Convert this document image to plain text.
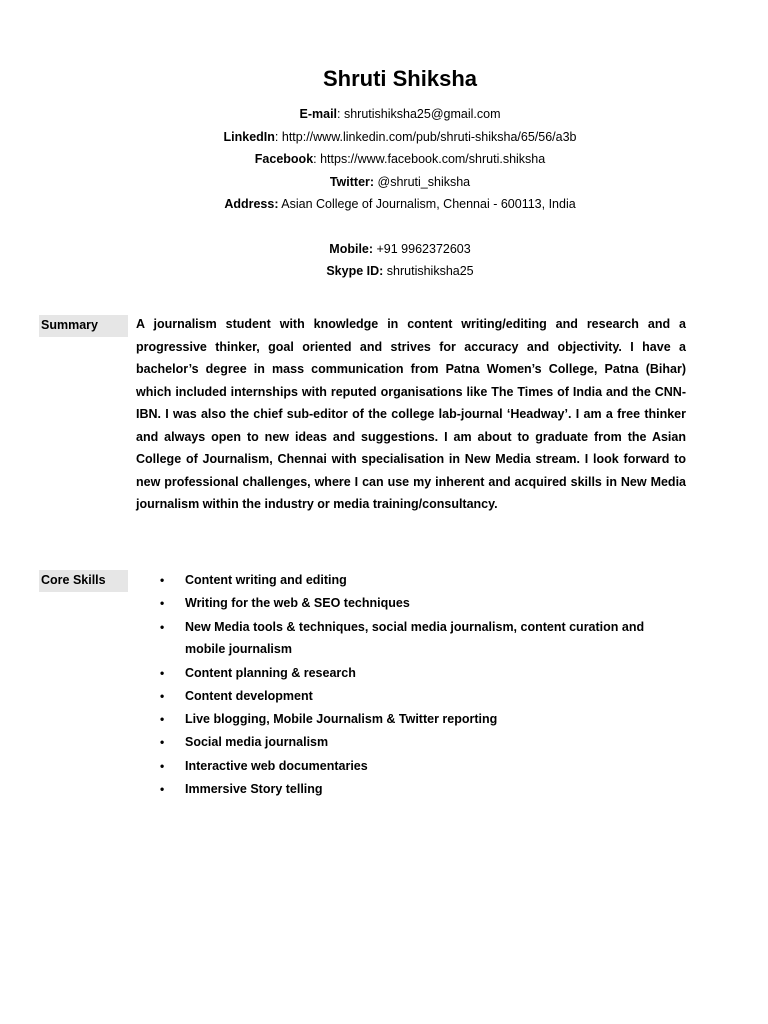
Shruti Shiksha
E-mail: shrutishiksha25@gmail.com
LinkedIn: http://www.linkedin.com/pub/shruti-shiksha/65/56/a3b
Facebook: https://www.facebook.com/shruti.shiksha
Twitter: @shruti_shiksha
Address: Asian College of Journalism, Chennai - 600113, India
Mobile: +91 9962372603
Skype ID: shrutishiksha25
Summary	A journalism student with knowledge in content writing/editing and research and a progressive thinker, goal oriented and strives for accuracy and objectivity. I have a bachelor’s degree in mass communication from Patna Women’s College, Patna (Bihar) which included internships with reputed organisations like The Times of India and the CNN-IBN. I was also the chief sub-editor of the college lab-journal ‘Headway’. I am a free thinker and always open to new ideas and suggestions. I am about to graduate from the Asian College of Journalism, Chennai with specialisation in New Media stream. I look forward to new professional challenges, where I can use my inherent and acquired skills in New Media journalism within the industry or media training/consultancy.
Core Skills	• Content writing and editing
• Writing for the web & SEO techniques
• New Media tools & techniques, social media journalism, content curation and mobile journalism
• Content planning & research
• Content development
• Live blogging, Mobile Journalism & Twitter reporting
• Social media journalism
• Interactive web documentaries
• Immersive Story telling
